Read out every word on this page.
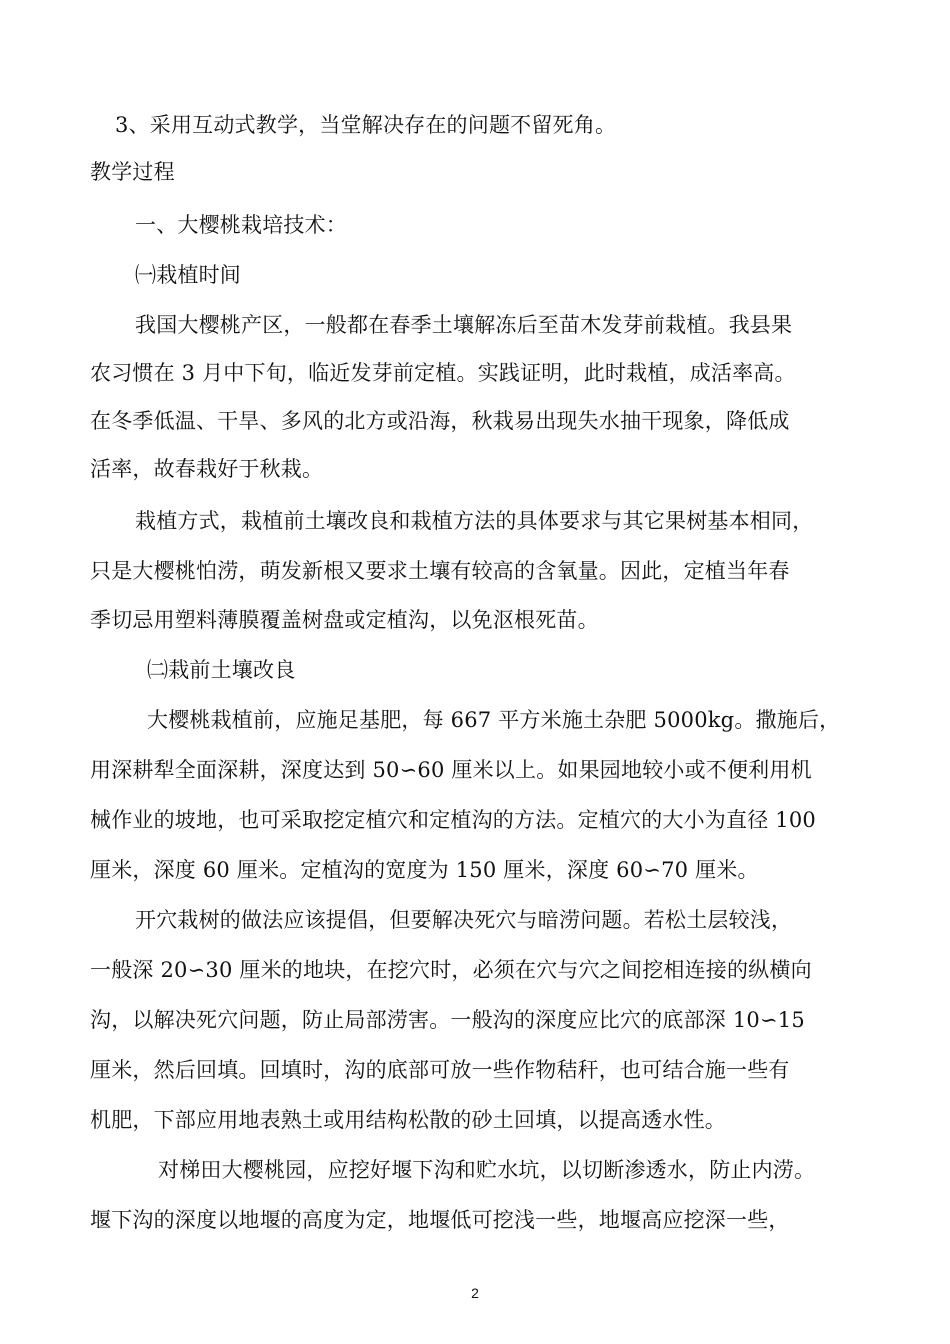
3、采用互动式教学，当堂解决存在的问题不留死角。
教学过程
一、大樱桃栽培技术：
㈠栽植时间
我国大樱桃产区，一般都在春季土壤解冻后至苗木发芽前栽植。我县果
农习惯在 3 月中下旬，临近发芽前定植。实践证明，此时栽植，成活率高。
在冬季低温、干旱、多风的北方或沿海，秋栽易出现失水抽干现象，降低成
活率，故春栽好于秋栽。
栽植方式，栽植前土壤改良和栽植方法的具体要求与其它果树基本相同，
只是大樱桃怕涝，萌发新根又要求土壤有较高的含氧量。因此，定植当年春
季切忌用塑料薄膜覆盖树盘或定植沟，以免沤根死苗。
㈡栽前土壤改良
大樱桃栽植前，应施足基肥，每 667 平方米施土杂肥 5000kg。撒施后，
用深耕犁全面深耕，深度达到 50∽60 厘米以上。如果园地较小或不便利用机
械作业的坡地，也可采取挖定植穴和定植沟的方法。定植穴的大小为直径 100
厘米，深度 60 厘米。定植沟的宽度为 150 厘米，深度 60∽70 厘米。
开穴栽树的做法应该提倡，但要解决死穴与暗涝问题。若松土层较浅，
一般深 20∽30 厘米的地块，在挖穴时，必须在穴与穴之间挖相连接的纵横向
沟，以解决死穴问题，防止局部涝害。一般沟的深度应比穴的底部深 10∽15
厘米，然后回填。回填时，沟的底部可放一些作物秸秆，也可结合施一些有
机肥，下部应用地表熟土或用结构松散的砂土回填，以提高透水性。
对梯田大樱桃园，应挖好堰下沟和贮水坑，以切断渗透水，防止内涝。
堰下沟的深度以地堰的高度为定，地堰低可挖浅一些，地堰高应挖深一些，
2
